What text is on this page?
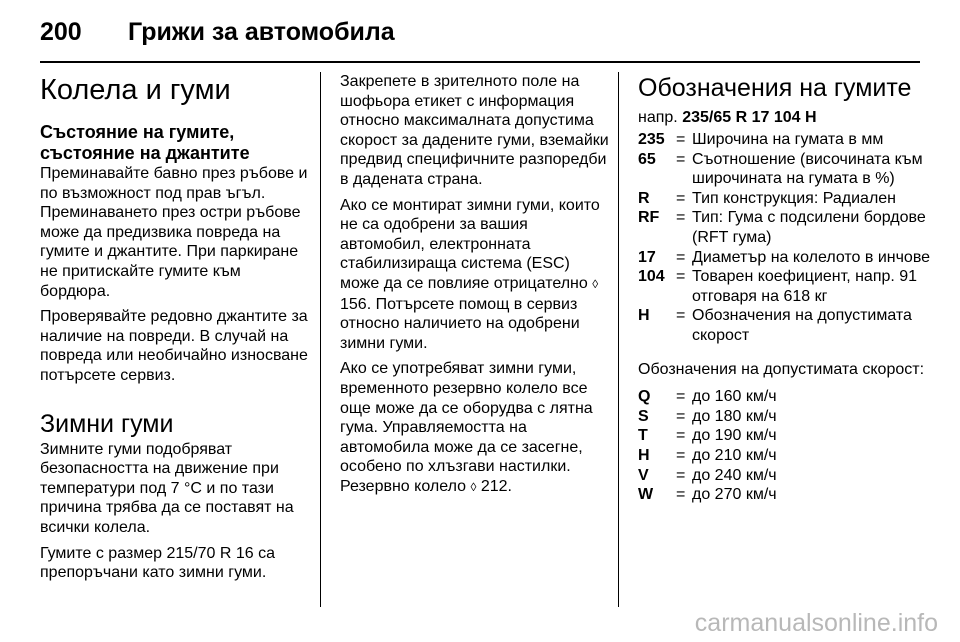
200 Грижи за автомобила
Колела и гуми
Състояние на гумите, състояние на джантите

Преминавайте бавно през ръбове и по възможност под прав ъгъл. Преминаването през остри ръбове може да предизвика повреда на гумите и джантите. При паркиране не притискайте гумите към бордюра.

Проверявайте редовно джантите за наличие на повреди. В случай на повреда или необичайно износване потърсете сервиз.

Зимни гуми

Зимните гуми подобряват безопасността на движение при температури под 7 °C и по тази причина трябва да се поставят на всички колела.

Гумите с размер 215/70 R 16 са препоръчани като зимни гуми.

Закрепете в зрителното поле на шофьора етикет с информация относно максималната допустима скорост за дадените гуми, вземайки предвид специфичните разпоредби в дадената страна.

Ако се монтират зимни гуми, които не са одобрени за вашия автомобил, електронната стабилизираща система (ESC) може да се повлияе отрицателно ◊ 156. Потърсете помощ в сервиз относно наличието на одобрени зимни гуми.

Ако се употребяват зимни гуми, временното резервно колело все още може да се оборудва с лятна гума. Управляемостта на автомобила може да се засегне, особено по хлъзгави настилки. Резервно колело ◊ 212.

Обозначения на гумите

напр. 235/65 R 17 104 H

235 = Широчина на гумата в мм
65	= Съотношение (височината към широчината на гумата в %)
R	= Тип конструкция: Радиален
RF	= Тип: Гума с подсилени бордове (RFT гума)
17	= Диаметър на колелото в инчове
104 = Товарен коефициент, напр. 91 отговаря на 618 кг
H	= Обозначения на допустимата скорост

Обозначения на допустимата скорост:

Q	= до 160 км/ч
S	= до 180 км/ч
T	= до 190 км/ч
H	= до 210 км/ч
V	= до 240 км/ч
W	= до 270 км/ч
carmanualsonline.info
